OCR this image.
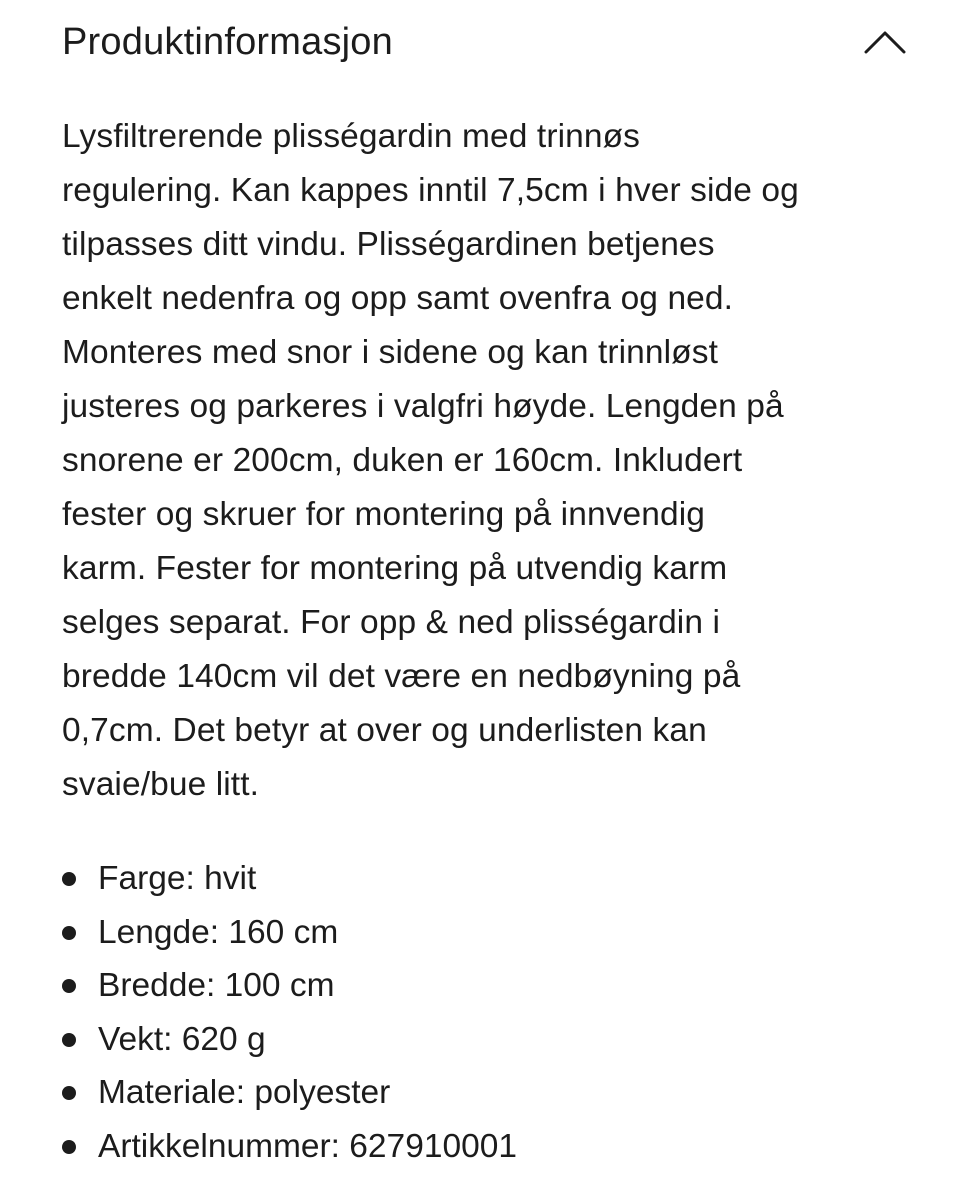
Produktinformasjon

Lysfiltrerende plisségardin med trinnøs
regulering. Kan kappes inntil 7,5cm i hver side og
tilpasses ditt vindu. Plisségardinen betjenes
enkelt nedenfra og opp samt ovenfra og ned.
Monteres med snor i sidene og kan trinnløst
justeres og parkeres i valgfri høyde. Lengden på
snorene er 200cm, duken er 160cm. Inkludert
fester og skruer for montering på innvendig
karm. Fester for montering på utvendig karm
selges separat. For opp & ned plisségardin i
bredde 140cm vil det være en nedbøyning på
0,7cm. Det betyr at over og underlisten kan
svaie/bue litt.

Farge: hvit
Lengde: 160 cm
Bredde: 100 cm
Vekt: 620 g
Materiale: polyester
Artikkelnummer: 627910001
